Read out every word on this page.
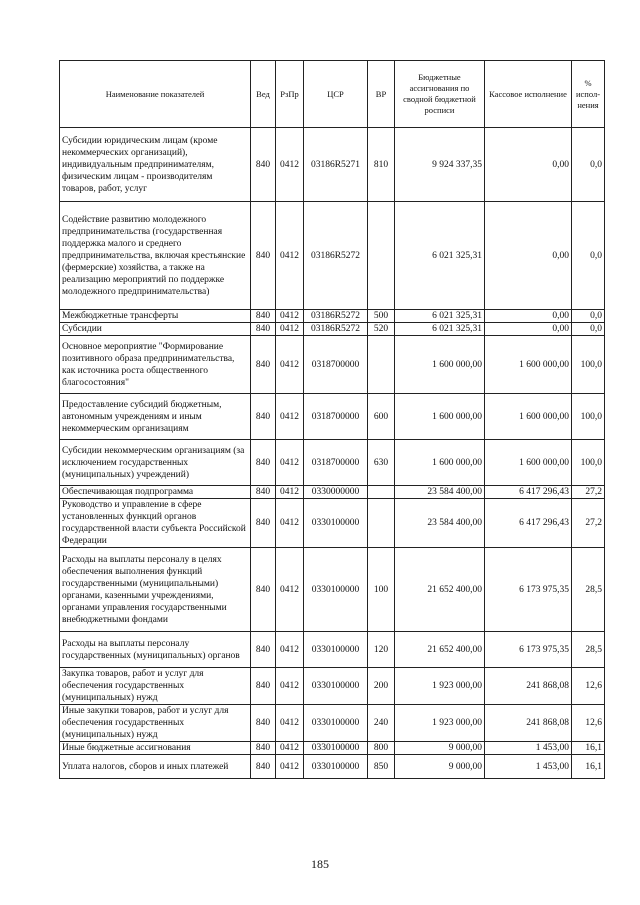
Наименование показателей	Вед	РзПр	ЦСР	ВР	Бюджетные ассигнования по сводной бюджетной росписи	Кассовое исполнение	% испол-нения
Субсидии юридическим лицам (кроме некоммерческих организаций), индивидуальным предпринимателям, физическим лицам - производителям товаров, работ, услуг	840	0412	03186R5271	810	9 924 337,35	0,00	0,0
Содействие развитию молодежного предпринимательства (государственная поддержка малого и среднего предпринимательства, включая крестьянские (фермерские) хозяйства, а также на реализацию мероприятий по поддержке молодежного предпринимательства)	840	0412	03186R5272		6 021 325,31	0,00	0,0
Межбюджетные трансферты	840	0412	03186R5272	500	6 021 325,31	0,00	0,0
Субсидии	840	0412	03186R5272	520	6 021 325,31	0,00	0,0
Основное мероприятие "Формирование позитивного образа предпринимательства, как источника роста общественного благосостояния"	840	0412	0318700000		1 600 000,00	1 600 000,00	100,0
Предоставление субсидий бюджетным, автономным учреждениям и иным некоммерческим организациям	840	0412	0318700000	600	1 600 000,00	1 600 000,00	100,0
Субсидии некоммерческим организациям (за исключением государственных (муниципальных) учреждений)	840	0412	0318700000	630	1 600 000,00	1 600 000,00	100,0
Обеспечивающая подпрограмма	840	0412	0330000000		23 584 400,00	6 417 296,43	27,2
Руководство и управление в сфере установленных функций органов государственной власти субъекта Российской Федерации	840	0412	0330100000		23 584 400,00	6 417 296,43	27,2
Расходы на выплаты персоналу в целях обеспечения выполнения функций государственными (муниципальными) органами, казенными учреждениями, органами управления государственными внебюджетными фондами	840	0412	0330100000	100	21 652 400,00	6 173 975,35	28,5
Расходы на выплаты персоналу государственных (муниципальных) органов	840	0412	0330100000	120	21 652 400,00	6 173 975,35	28,5
Закупка товаров, работ и услуг для обеспечения государственных (муниципальных) нужд	840	0412	0330100000	200	1 923 000,00	241 868,08	12,6
Иные закупки товаров, работ и услуг для обеспечения государственных (муниципальных) нужд	840	0412	0330100000	240	1 923 000,00	241 868,08	12,6
Иные бюджетные ассигнования	840	0412	0330100000	800	9 000,00	1 453,00	16,1
Уплата налогов, сборов и иных платежей	840	0412	0330100000	850	9 000,00	1 453,00	16,1
185
